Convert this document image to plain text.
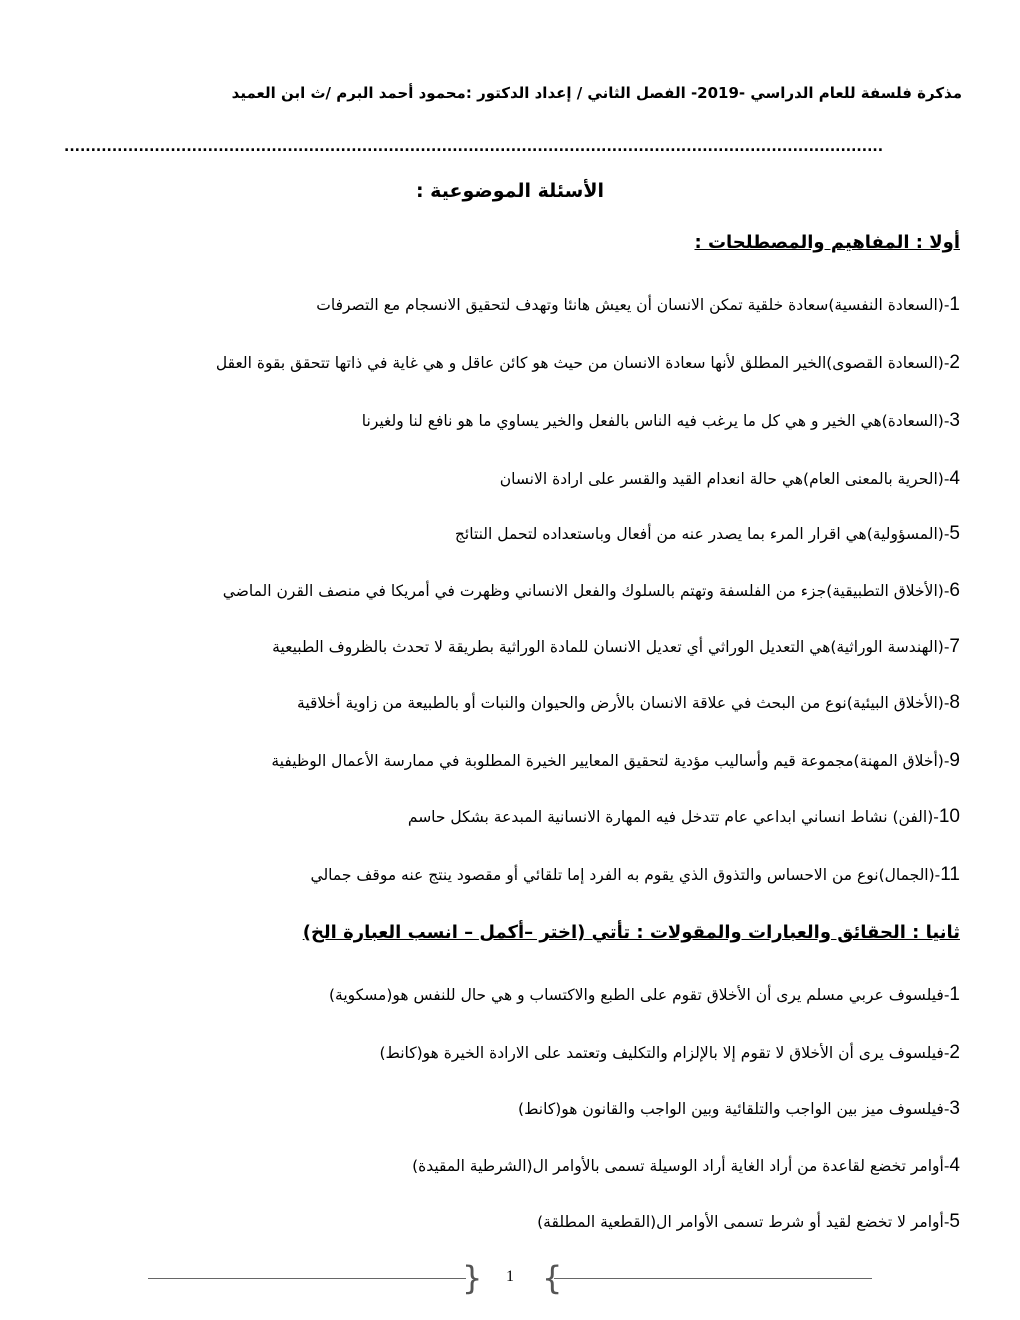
مذكرة فلسفة للعام الدراسي -2019- الفصل الثاني / إعداد الدكتور :محمود أحمد البرم /ث ابن العميد
..........................................................................................................................................................
الأسئلة الموضوعية :
أولا : المفاهيم والمصطلحات :
1-(السعادة النفسية)سعادة خلقية تمكن الانسان أن يعيش هانئا وتهدف لتحقيق الانسجام مع التصرفات
2-(السعادة القصوى)الخير المطلق لأنها سعادة الانسان من حيث هو كائن عاقل و هي غاية في ذاتها تتحقق بقوة العقل
3-(السعادة)هي الخير و هي كل ما يرغب فيه الناس بالفعل والخير يساوي ما هو نافع لنا ولغيرنا
4-(الحرية بالمعنى العام)هي حالة انعدام القيد والقسر على ارادة الانسان
5-(المسؤولية)هي اقرار المرء بما يصدر عنه من أفعال وباستعداده لتحمل النتائج
6-(الأخلاق التطبيقية)جزء من الفلسفة وتهتم بالسلوك والفعل الانساني وظهرت في أمريكا في منصف القرن الماضي
7-(الهندسة الوراثية)هي التعديل الوراثي أي تعديل الانسان للمادة الوراثية بطريقة لا تحدث بالظروف الطبيعية
8-(الأخلاق البيئية)نوع من البحث في علاقة الانسان بالأرض والحيوان والنبات أو بالطبيعة من زاوية أخلاقية
9-(أخلاق المهنة)مجموعة قيم وأساليب مؤدية لتحقيق المعايير الخيرة المطلوبة في ممارسة الأعمال الوظيفية
10-(الفن) نشاط انساني ابداعي عام تتدخل فيه المهارة الانسانية المبدعة بشكل حاسم
11-(الجمال)نوع من الاحساس والتذوق الذي يقوم به الفرد إما تلقائي أو مقصود ينتج عنه موقف جمالي
ثانيا : الحقائق والعبارات والمقولات : تأتي (اختر –أكمل – انسب العبارة الخ)
1-فيلسوف عربي مسلم يرى أن الأخلاق تقوم على الطبع والاكتساب و هي حال للنفس هو(مسكوية)
2-فيلسوف يرى أن الأخلاق لا تقوم إلا بالإلزام والتكليف وتعتمد على الارادة الخيرة هو(كانط)
3-فيلسوف ميز بين الواجب والتلقائية وبين الواجب والقانون هو(كانط)
4-أوامر تخضع لقاعدة من أراد الغاية أراد الوسيلة تسمى بالأوامر ال(الشرطية المقيدة)
5-أوامر لا تخضع لقيد أو شرط تسمى الأوامر ال(القطعية المطلقة)
{ }
1
